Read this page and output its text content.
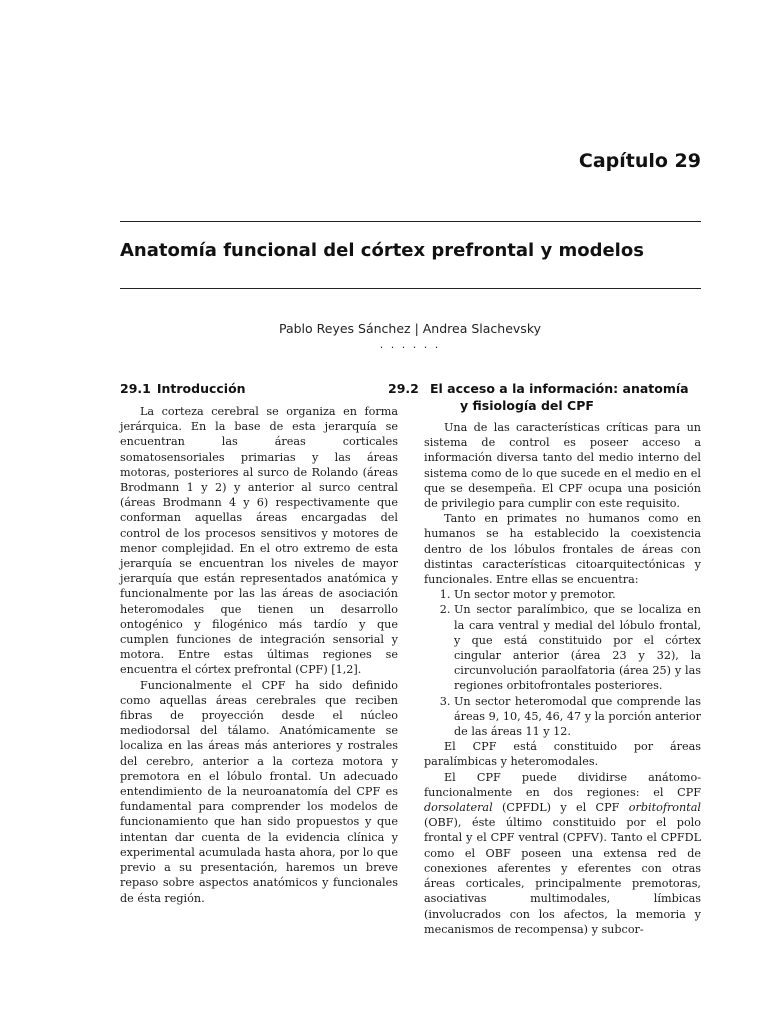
Capítulo 29
Anatomía funcional del córtex prefrontal y modelos
Pablo Reyes Sánchez | Andrea Slachevsky
· · · · · ·
29.1 Introducción

La corteza cerebral se organiza en forma jerárquica. En la base de esta jerarquía se encuentran las áreas corticales somatosensoriales primarias y las áreas motoras, posteriores al surco de Rolando (áreas Brodmann 1 y 2) y anterior al surco central (áreas Brodmann 4 y 6) respectivamente que conforman aquellas áreas encargadas del control de los procesos sensitivos y motores de menor complejidad. En el otro extremo de esta jerarquía se encuentran los niveles de mayor jerarquía que están representados anatómica y funcionalmente por las las áreas de asociación heteromodales que tienen un desarrollo ontogénico y filogénico más tardío y que cumplen funciones de integración sensorial y motora. Entre estas últimas regiones se encuentra el córtex prefrontal (CPF) [1,2].

Funcionalmente el CPF ha sido definido como aquellas áreas cerebrales que reciben fibras de proyección desde el núcleo mediodorsal del tálamo. Anatómicamente se localiza en las áreas más anteriores y rostrales del cerebro, anterior a la corteza motora y premotora en el lóbulo frontal. Un adecuado entendimiento de la neuroanatomía del CPF es fundamental para comprender los modelos de funcionamiento que han sido propuestos y que intentan dar cuenta de la evidencia clínica y experimental acumulada hasta ahora, por lo que previo a su presentación, haremos un breve repaso sobre aspectos anatómicos y funcionales de ésta región.

29.2 El acceso a la información: anatomía y fisiología del CPF

Una de las características críticas para un sistema de control es poseer acceso a información diversa tanto del medio interno del sistema como de lo que sucede en el medio en el que se desempeña. El CPF ocupa una posición de privilegio para cumplir con este requisito.

Tanto en primates no humanos como en humanos se ha establecido la coexistencia dentro de los lóbulos frontales de áreas con distintas características citoarquitectónicas y funcionales. Entre ellas se encuentra:

1. Un sector motor y premotor.
2. Un sector paralímbico, que se localiza en la cara ventral y medial del lóbulo frontal, y que está constituido por el córtex cingular anterior (área 23 y 32), la circunvolución paraolfatoria (área 25) y las regiones orbitofrontales posteriores.
3. Un sector heteromodal que comprende las áreas 9, 10, 45, 46, 47 y la porción anterior de las áreas 11 y 12.

El CPF está constituido por áreas paralímbicas y heteromodales.

El CPF puede dividirse anátomo-funcionalmente en dos regiones: el CPF dorsolateral (CPFDL) y el CPF orbitofrontal (OBF), éste último constituido por el polo frontal y el CPF ventral (CPFV). Tanto el CPFDL como el OBF poseen una extensa red de conexiones aferentes y eferentes con otras áreas corticales, principalmente premotoras, asociativas multimodales, límbicas (involucrados con los afectos, la memoria y mecanismos de recompensa) y subcor-
